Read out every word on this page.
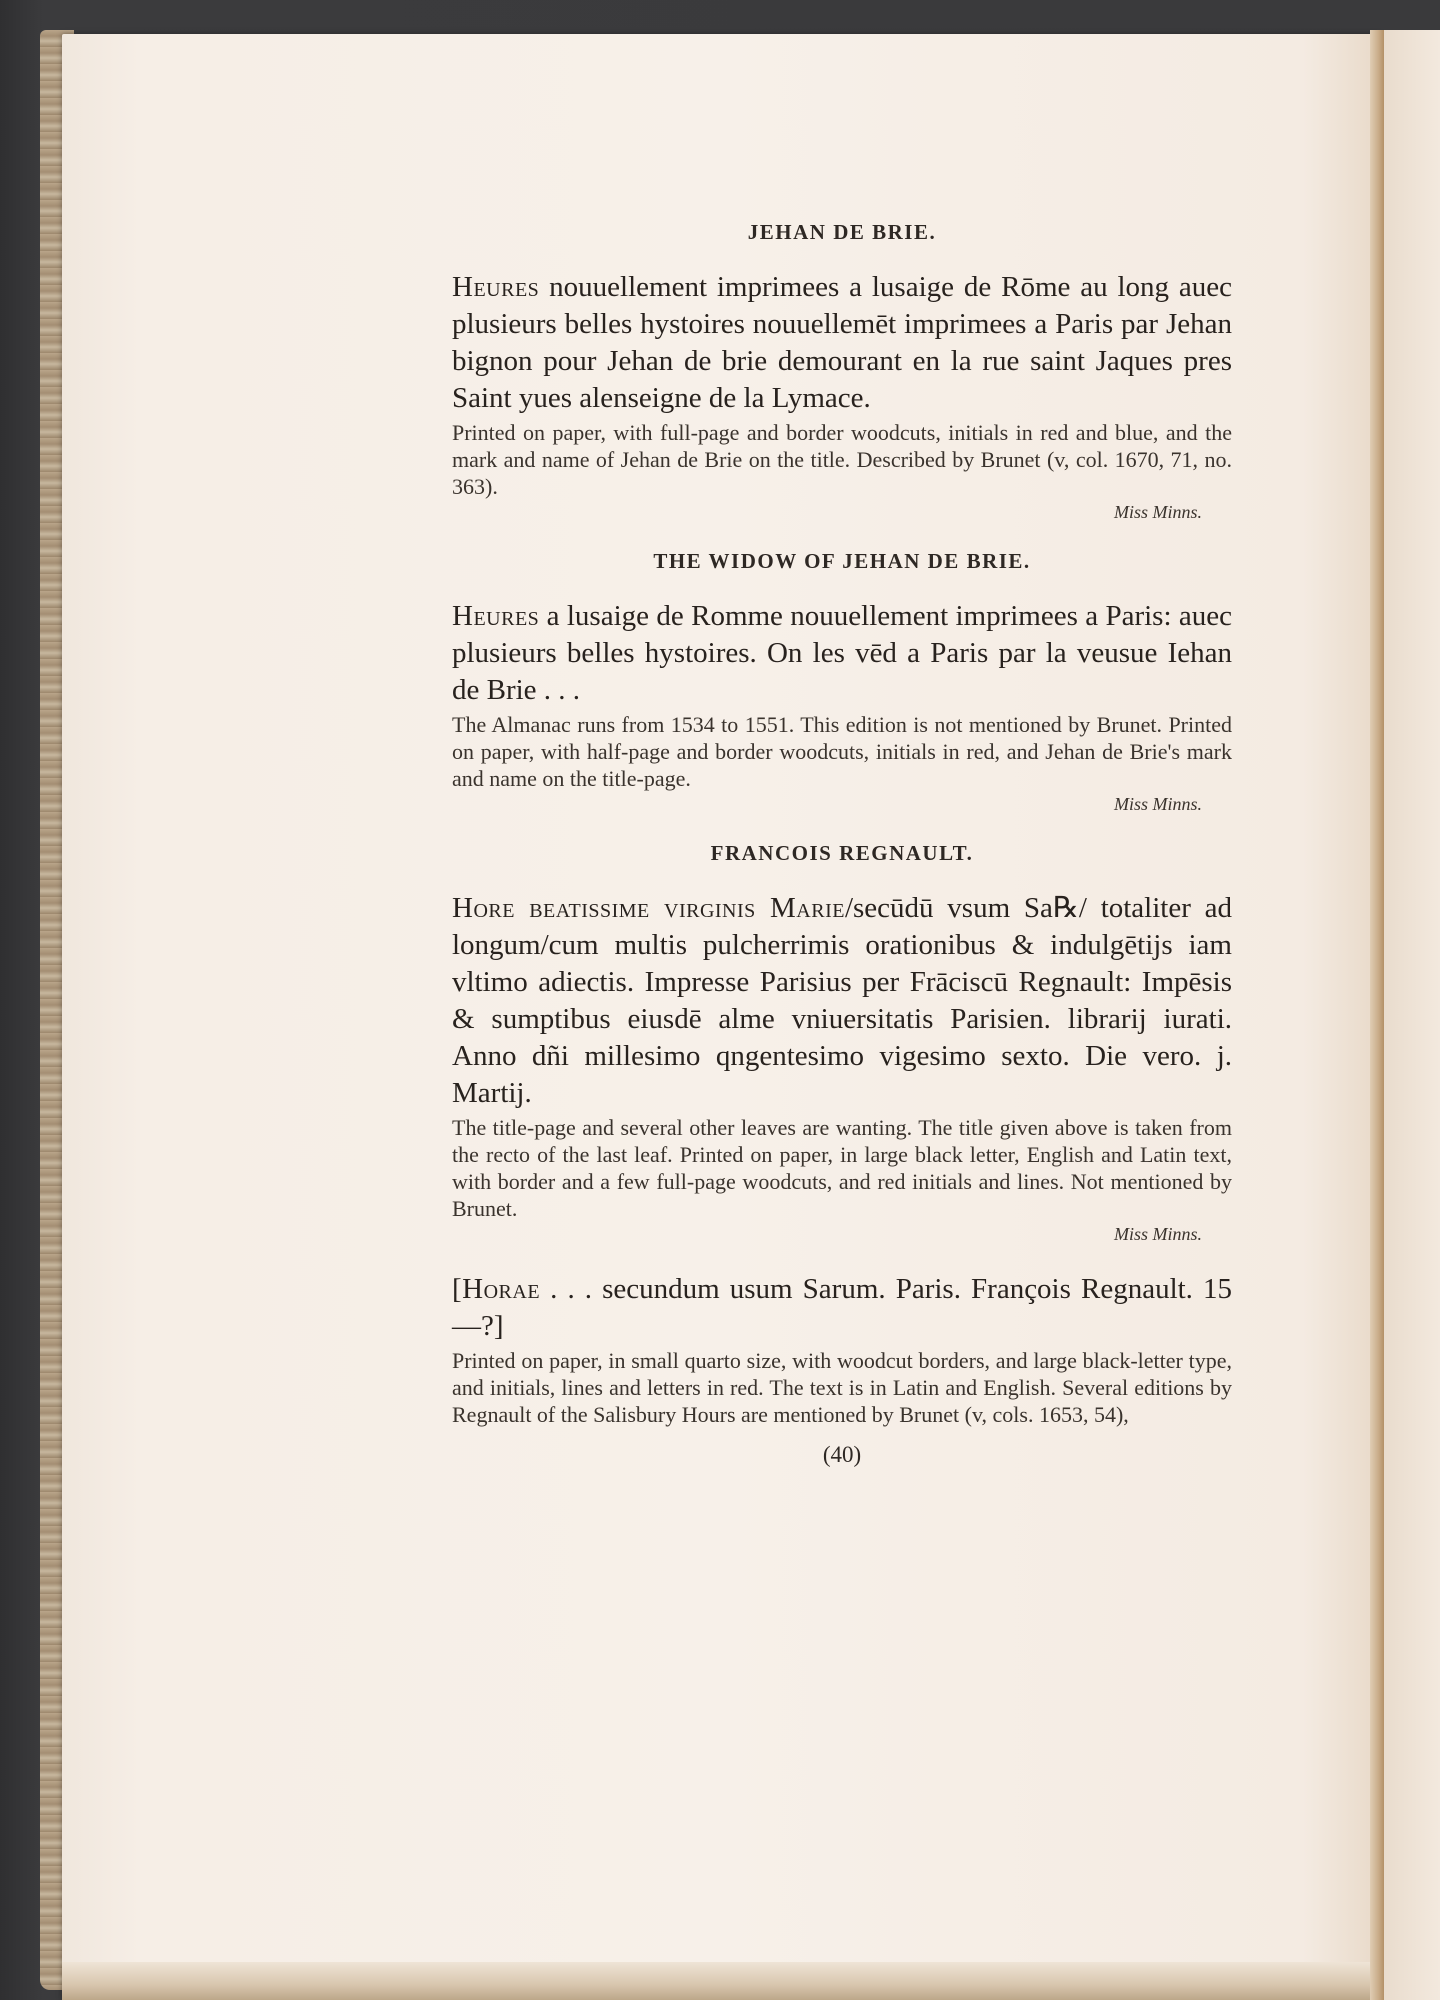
JEHAN DE BRIE.

Heures nouuellement imprimees a lusaige de Rōme au long auec plusieurs belles hystoires nouuellemēt imprimees a Paris par Jehan bignon pour Jehan de brie demourant en la rue saint Jaques pres Saint yues alenseigne de la Lymace.

Printed on paper, with full-page and border woodcuts, initials in red and blue, and the mark and name of Jehan de Brie on the title. Described by Brunet (v, col. 1670, 71, no. 363).

Miss Minns.
THE WIDOW OF JEHAN DE BRIE.

Heures a lusaige de Romme nouuellement imprimees a Paris: auec plusieurs belles hystoires. On les vēd a Paris par la veusue Iehan de Brie . . .

The Almanac runs from 1534 to 1551. This edition is not mentioned by Brunet. Printed on paper, with half-page and border woodcuts, initials in red, and Jehan de Brie's mark and name on the title-page.

Miss Minns.
FRANCOIS REGNAULT.

Hore beatissime virginis Marie/secūdū vsum Sa℞/ totaliter ad longum/cum multis pulcherrimis orationibus & indulgētijs iam vltimo adiectis. Impresse Parisius per Frāciscū Regnault: Impēsis & sumptibus eiusdē alme vniuersitatis Parisien. librarij iurati. Anno dñi millesimo qngentesimo vigesimo sexto. Die vero. j. Martij.

The title-page and several other leaves are wanting. The title given above is taken from the recto of the last leaf. Printed on paper, in large black letter, English and Latin text, with border and a few full-page woodcuts, and red initials and lines. Not mentioned by Brunet.

Miss Minns.

[Horae . . . secundum usum Sarum. Paris. François Regnault. 15—?]

Printed on paper, in small quarto size, with woodcut borders, and large black-letter type, and initials, lines and letters in red. The text is in Latin and English. Several editions by Regnault of the Salisbury Hours are mentioned by Brunet (v, cols. 1653, 54),

(40)
